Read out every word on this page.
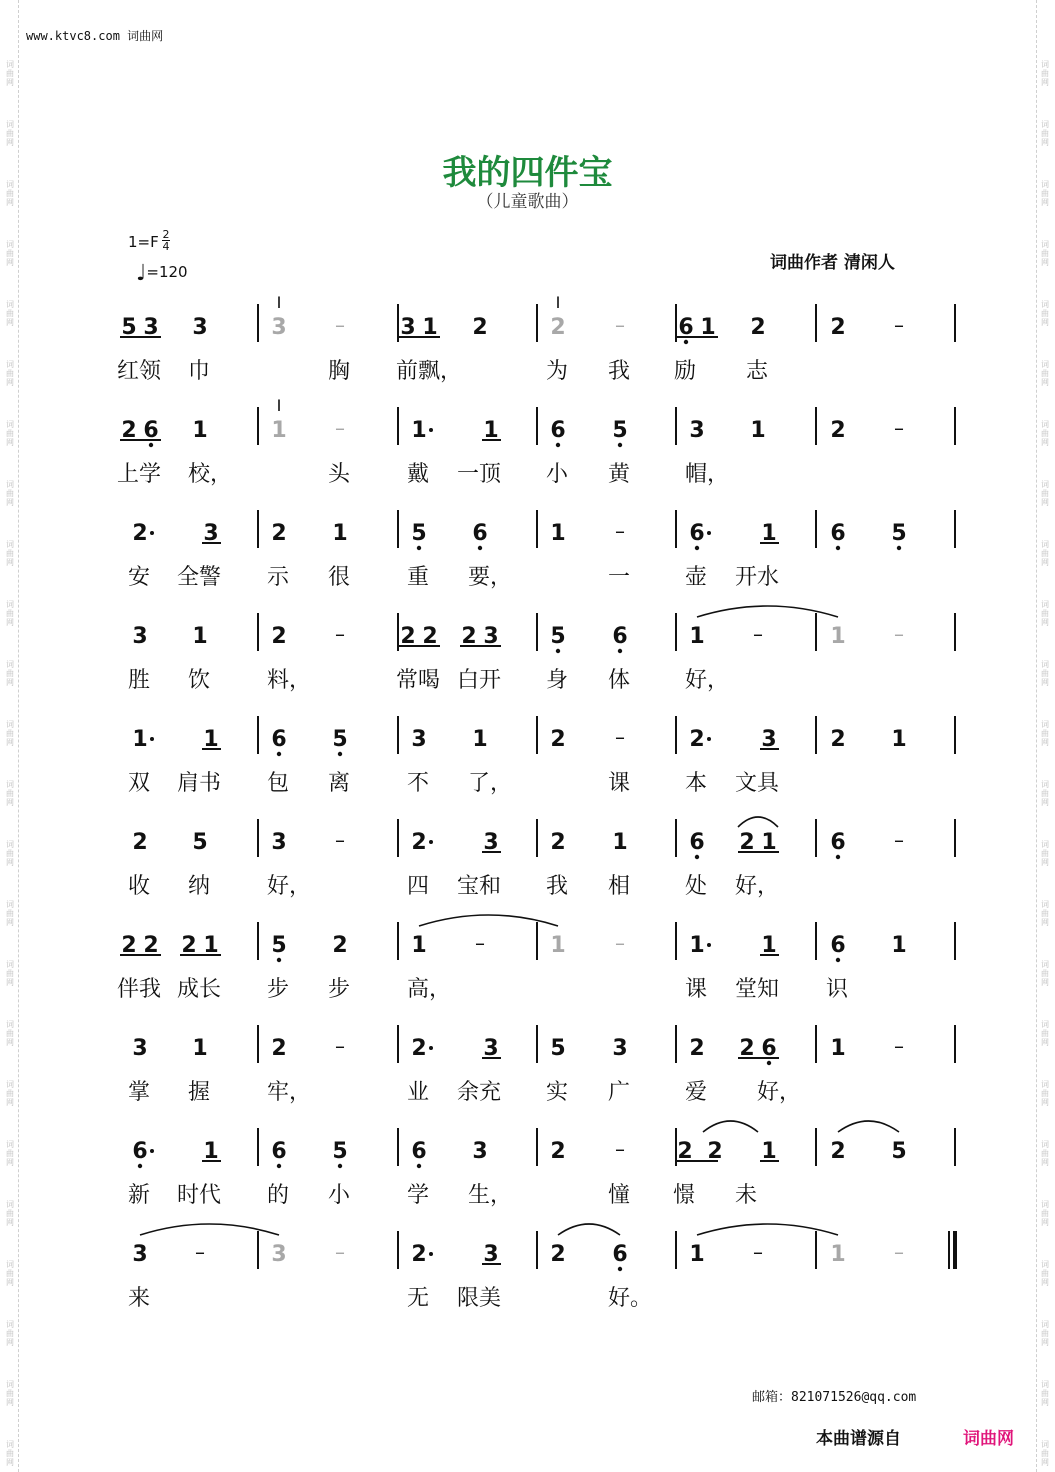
词
曲
网
词
曲
网
词
曲
网
词
曲
网
词
曲
网
词
曲
网
词
曲
网
词
曲
网
词
曲
网
词
曲
网
词
曲
网
词
曲
网
词
曲
网
词
曲
网
词
曲
网
词
曲
网
词
曲
网
词
曲
网
词
曲
网
词
曲
网
词
曲
网
词
曲
网
词
曲
网
词
曲
网
词
曲
网
词
曲
网
词
曲
网
词
曲
网
词
曲
网
词
曲
网
词
曲
网
词
曲
网
词
曲
网
词
曲
网
词
曲
网
词
曲
网
词
曲
网
词
曲
网
词
曲
网
词
曲
网
词
曲
网
词
曲
网
词
曲
网
词
曲
网
词
曲
网
词
曲
网
词
曲
网
词
曲
网
www.ktvc8.com 词曲网
我的四件宝
（儿童歌曲）
1=F 2
4
♩=120	词曲作者 清闲人
5 3 3	3 –	3 1 2	2 – 6 1 2	2 –
红 领 巾	胸 前 飘，	为 我 励 志
2 6 1	1 –	1	1 6 5	3 1	2 –
上 学 校，	头	戴 一 顶 小 黄 帽，
2	3 2 1	5 6	1 –	6	1 6 5
安 全 警 示 很	重 要，	一 壶 开 水
3 1	2 –	2 2 2 3 5 6	1 –	1 –
胜 饮	料，	常 喝 白 开 身 体 好，
1	1 6 5	3 1	2 –	2	3 2 1
双 肩 书 包 离	不 了，	课 本 文 具
2 5	3 –	2	3 2 1	6 2 1 6 –
收 纳	好，	四 宝 和 我 相 处 好，
2 2 2 1 5 2	1 –	1 –	1	1 6 1
伴 我 成 长 步 步	高，	课 堂 知 识
3 1	2 –	2	3 5 3	2 2 6 1 –
掌 握	牢，	业 余 充 实 广 爱 好，
6	1 6 5	6 3	2 – 2 2 1 2 5
新 时 代 的 小	学 生，	憧 憬 未
3 –	3 –	2	3 2 6	1 –	1 –
来	无 限 美	好。
邮箱：821071526@qq.com
本曲谱源自	词曲网
